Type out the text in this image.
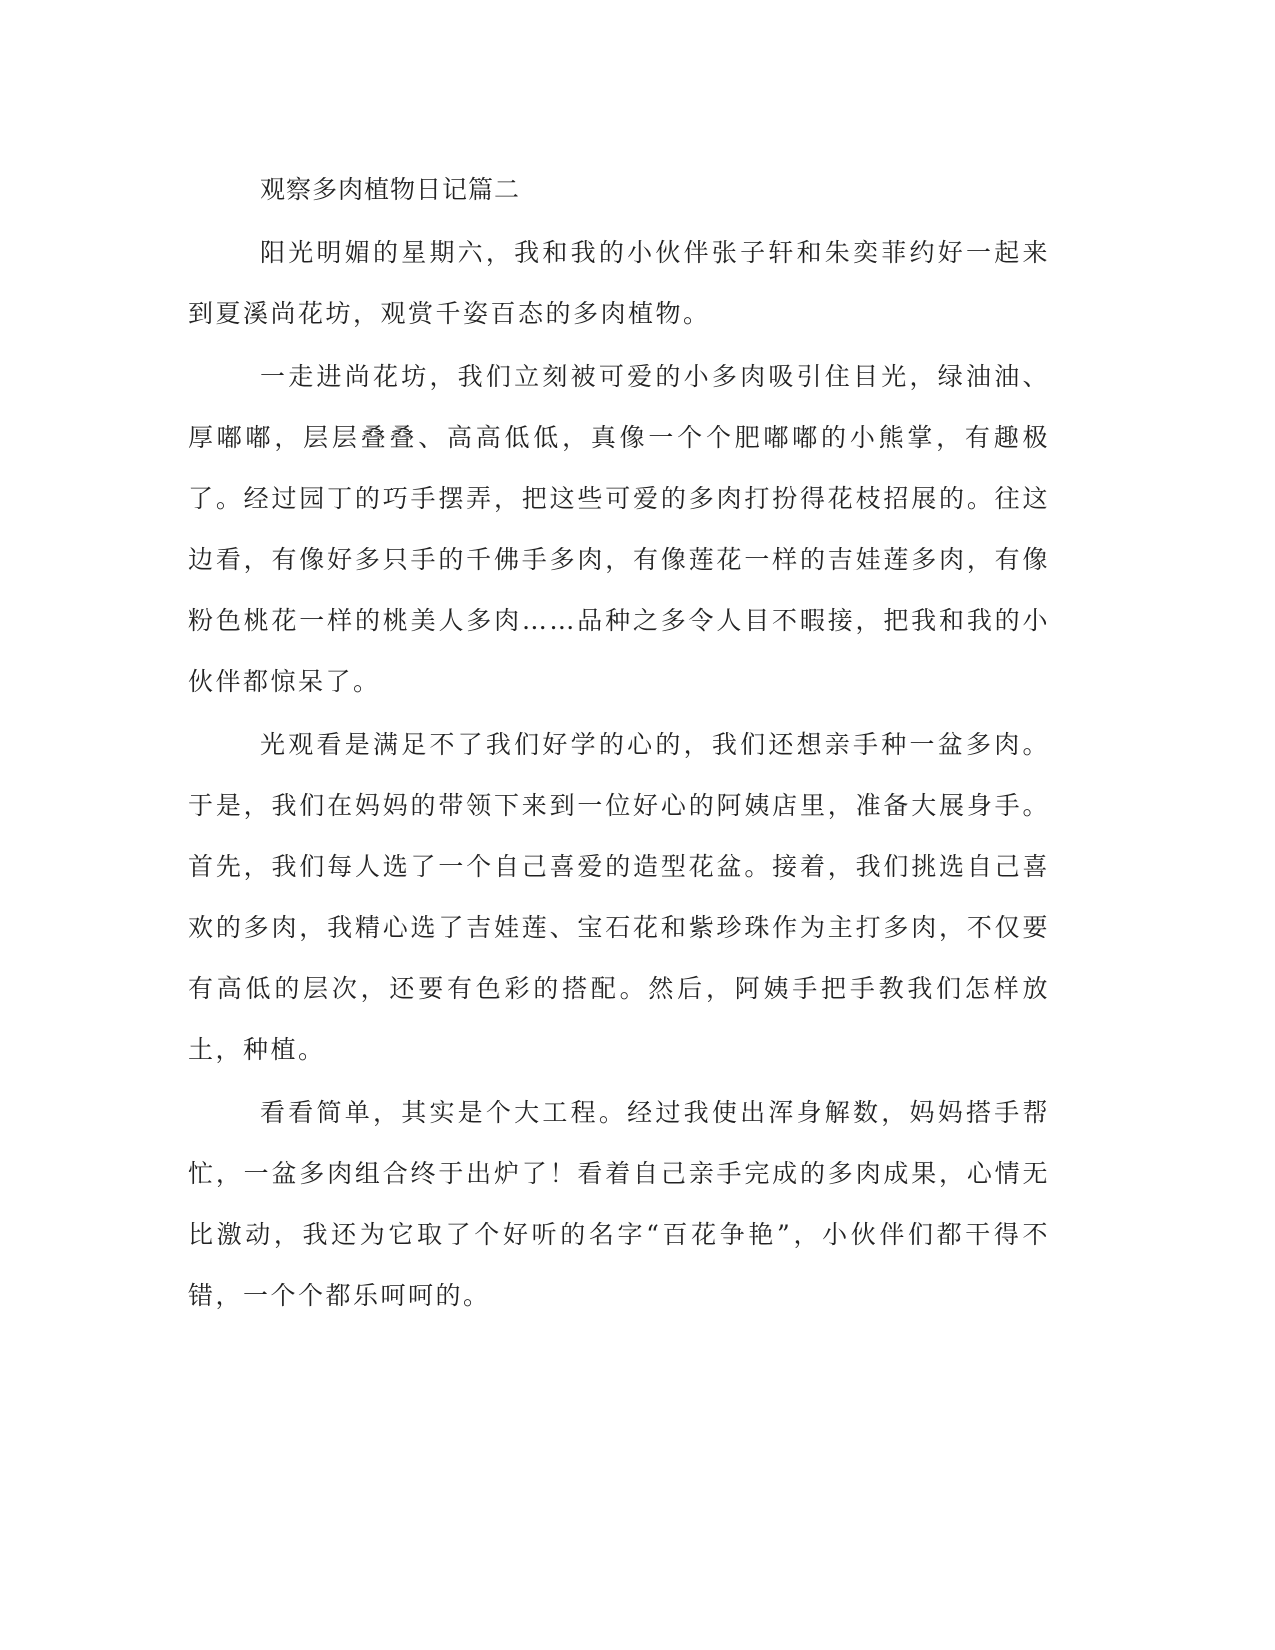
观察多肉植物日记篇二

阳光明媚的星期六，我和我的小伙伴张子轩和朱奕菲约好一起来到夏溪尚花坊，观赏千姿百态的多肉植物。

一走进尚花坊，我们立刻被可爱的小多肉吸引住目光，绿油油、厚嘟嘟，层层叠叠、高高低低，真像一个个肥嘟嘟的小熊掌，有趣极了。经过园丁的巧手摆弄，把这些可爱的多肉打扮得花枝招展的。往这边看，有像好多只手的千佛手多肉，有像莲花一样的吉娃莲多肉，有像粉色桃花一样的桃美人多肉……品种之多令人目不暇接，把我和我的小伙伴都惊呆了。

光观看是满足不了我们好学的心的，我们还想亲手种一盆多肉。于是，我们在妈妈的带领下来到一位好心的阿姨店里，准备大展身手。首先，我们每人选了一个自己喜爱的造型花盆。接着，我们挑选自己喜欢的多肉，我精心选了吉娃莲、宝石花和紫珍珠作为主打多肉，不仅要有高低的层次，还要有色彩的搭配。然后，阿姨手把手教我们怎样放土，种植。

看看简单，其实是个大工程。经过我使出浑身解数，妈妈搭手帮忙，一盆多肉组合终于出炉了！看着自己亲手完成的多肉成果，心情无比激动，我还为它取了个好听的名字“百花争艳”，小伙伴们都干得不错，一个个都乐呵呵的。
